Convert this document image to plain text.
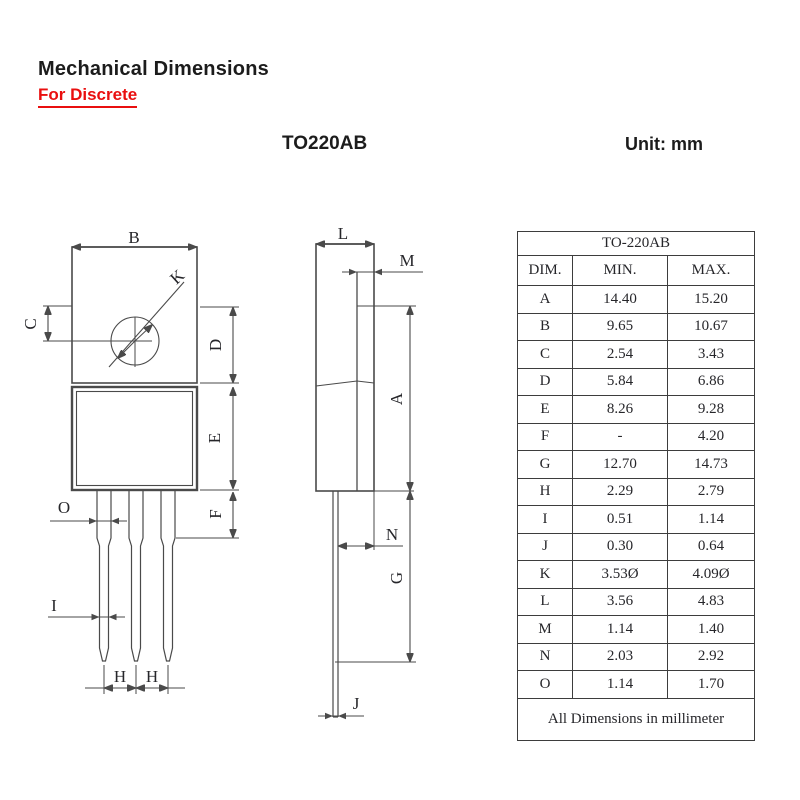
Mechanical Dimensions
For Discrete
TO220AB	Unit: mm
B
K
C
D
E
F
O
I
H H
L
M
A
N
G
J
TO-220AB		
DIM.	MIN.	MAX.
A	14.40	15.20
B	9.65	10.67
C	2.54	3.43
D	5.84	6.86
E	8.26	9.28
F	-	4.20
G	12.70	14.73
H	2.29	2.79
I	0.51	1.14
J	0.30	0.64
K	3.53Ø	4.09Ø
L	3.56	4.83
M	1.14	1.40
N	2.03	2.92
O	1.14	1.70
All Dimensions in millimeter		
